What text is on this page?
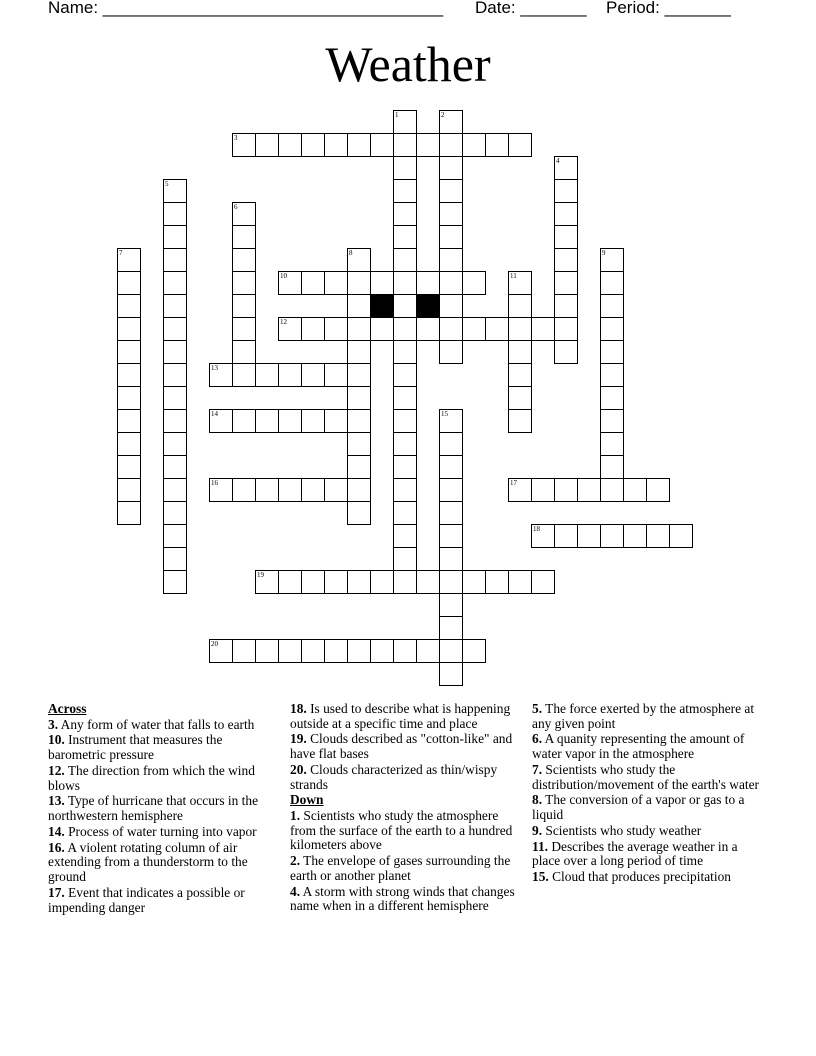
Name: ____________________________________ Date: _______ Period: _______
Weather
1	2
3
4
5
6
7	8	9
10	11
12
13
14	15
16	17
18
19
20
Across
3. Any form of water that falls to earth
10. Instrument that measures the barometric pressure
12. The direction from which the wind blows
13. Type of hurricane that occurs in the northwestern hemisphere
14. Process of water turning into vapor
16. A violent rotating column of air extending from a thunderstorm to the ground
17. Event that indicates a possible or impending danger
18. Is used to describe what is happening outside at a specific time and place
19. Clouds described as "cotton-like" and have flat bases
20. Clouds characterized as thin/wispy strands
Down
1. Scientists who study the atmosphere from the surface of the earth to a hundred kilometers above
2. The envelope of gases surrounding the earth or another planet
4. A storm with strong winds that changes name when in a different hemisphere
5. The force exerted by the atmosphere at any given point
6. A quanity representing the amount of water vapor in the atmosphere
7. Scientists who study the distribution/movement of the earth's water
8. The conversion of a vapor or gas to a liquid
9. Scientists who study weather
11. Describes the average weather in a place over a long period of time
15. Cloud that produces precipitation
